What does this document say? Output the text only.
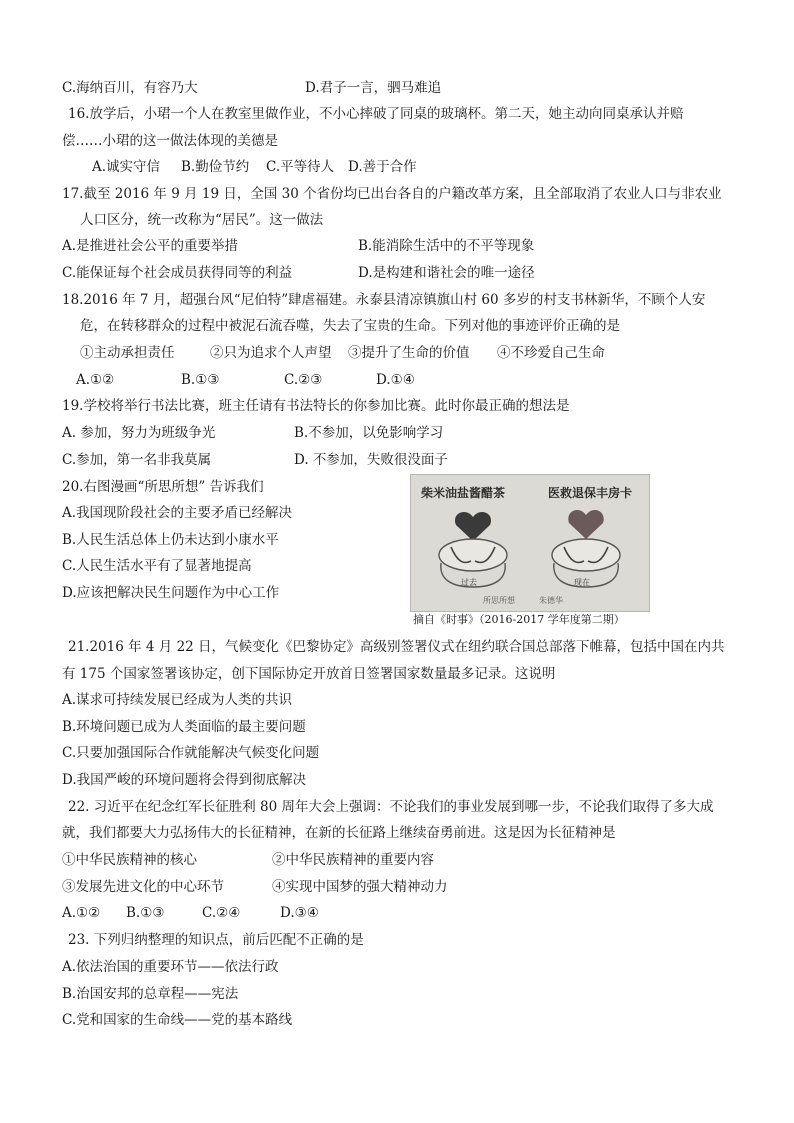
C.海纳百川，有容乃大	D.君子一言，驷马难追
16.放学后，小珺一个人在教室里做作业，不小心摔破了同桌的玻璃杯。第二天，她主动向同桌承认并赔
偿……小珺的这一做法体现的美德是
A.诚实守信 B.勤俭节约 C.平等待人 D.善于合作
17.截至 2016 年 9 月 19 日，全国 30 个省份均已出台各自的户籍改革方案，且全部取消了农业人口与非农业
人口区分，统一改称为“居民”。这一做法
A.是推进社会公平的重要举措	B.能消除生活中的不平等现象
C.能保证每个社会成员获得同等的利益	D.是构建和谐社会的唯一途径
18.2016 年 7 月，超强台风“尼伯特”肆虐福建。永泰县清凉镇旗山村 60 多岁的村支书林新华，不顾个人安
危，在转移群众的过程中被泥石流吞噬，失去了宝贵的生命。下列对他的事迹评价正确的是
①主动承担责任	②只为追求个人声望 ③提升了生命的价值 ④不珍爱自己生命
A.①②	B.①③	C.②③	D.①④
19.学校将举行书法比赛，班主任请有书法特长的你参加比赛。此时你最正确的想法是
A. 参加，努力为班级争光	B.不参加，以免影响学习
C.参加，第一名非我莫属	D. 不参加，失败很没面子
20.右图漫画“所思所想” 告诉我们
A.我国现阶段社会的主要矛盾已经解决
B.人民生活总体上仍未达到小康水平
C.人民生活水平有了显著地提高
D.应该把解决民生问题作为中心工作
柴米油盐酱醋茶	医救退保丰房卡
过去	现在
所思所想	朱德华
摘自《时事》（2016-2017 学年度第二期）
21.2016 年 4 月 22 日，气候变化《巴黎协定》高级别签署仪式在纽约联合国总部落下帷幕，包括中国在内共
有 175 个国家签署该协定，创下国际协定开放首日签署国家数量最多记录。这说明
A.谋求可持续发展已经成为人类的共识
B.环境问题已成为人类面临的最主要问题
C.只要加强国际合作就能解决气候变化问题
D.我国严峻的环境问题将会得到彻底解决
22. 习近平在纪念红军长征胜利 80 周年大会上强调：不论我们的事业发展到哪一步，不论我们取得了多大成
就，我们都要大力弘扬伟大的长征精神，在新的长征路上继续奋勇前进。这是因为长征精神是
①中华民族精神的核心	②中华民族精神的重要内容
③发展先进文化的中心环节	④实现中国梦的强大精神动力
A.①② B.①③	C.②④	D.③④
23. 下列归纳整理的知识点，前后匹配不正确的是
A.依法治国的重要环节——依法行政
B.治国安邦的总章程——宪法
C.党和国家的生命线——党的基本路线
